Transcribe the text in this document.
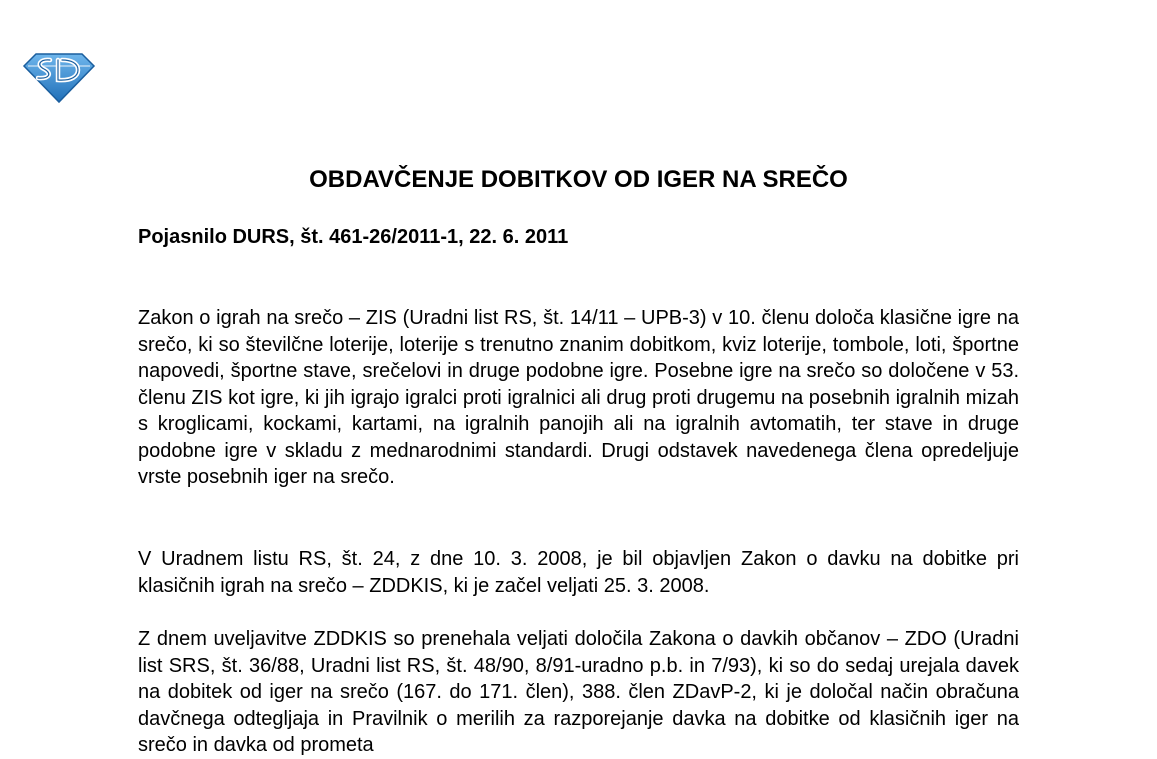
OBDAVČENJE DOBITKOV OD IGER NA SREČO
Pojasnilo DURS, št. 461-26/2011-1, 22. 6. 2011

Zakon o igrah na srečo – ZIS (Uradni list RS, št. 14/11 – UPB-3) v 10. členu določa klasične igre na srečo, ki so številčne loterije, loterije s trenutno znanim dobitkom, kviz loterije, tombole, loti, športne napovedi, športne stave, srečelovi in druge podobne igre. Posebne igre na srečo so določene v 53. členu ZIS kot igre, ki jih igrajo igralci proti igralnici ali drug proti drugemu na posebnih igralnih mizah s kroglicami, kockami, kartami, na igralnih panojih ali na igralnih avtomatih, ter stave in druge podobne igre v skladu z mednarodnimi standardi. Drugi odstavek navedenega člena opredeljuje vrste posebnih iger na srečo.

V Uradnem listu RS, št. 24, z dne 10. 3. 2008, je bil objavljen Zakon o davku na dobitke pri klasičnih igrah na srečo – ZDDKIS, ki je začel veljati 25. 3. 2008.

Z dnem uveljavitve ZDDKIS so prenehala veljati določila Zakona o davkih občanov – ZDO (Uradni list SRS, št. 36/88, Uradni list RS, št. 48/90, 8/91-uradno p.b. in 7/93), ki so do sedaj urejala davek na dobitek od iger na srečo (167. do 171. člen), 388. člen ZDavP-2, ki je določal način obračuna davčnega odtegljaja in Pravilnik o merilih za razporejanje davka na dobitke od klasičnih iger na srečo in davka od prometa
